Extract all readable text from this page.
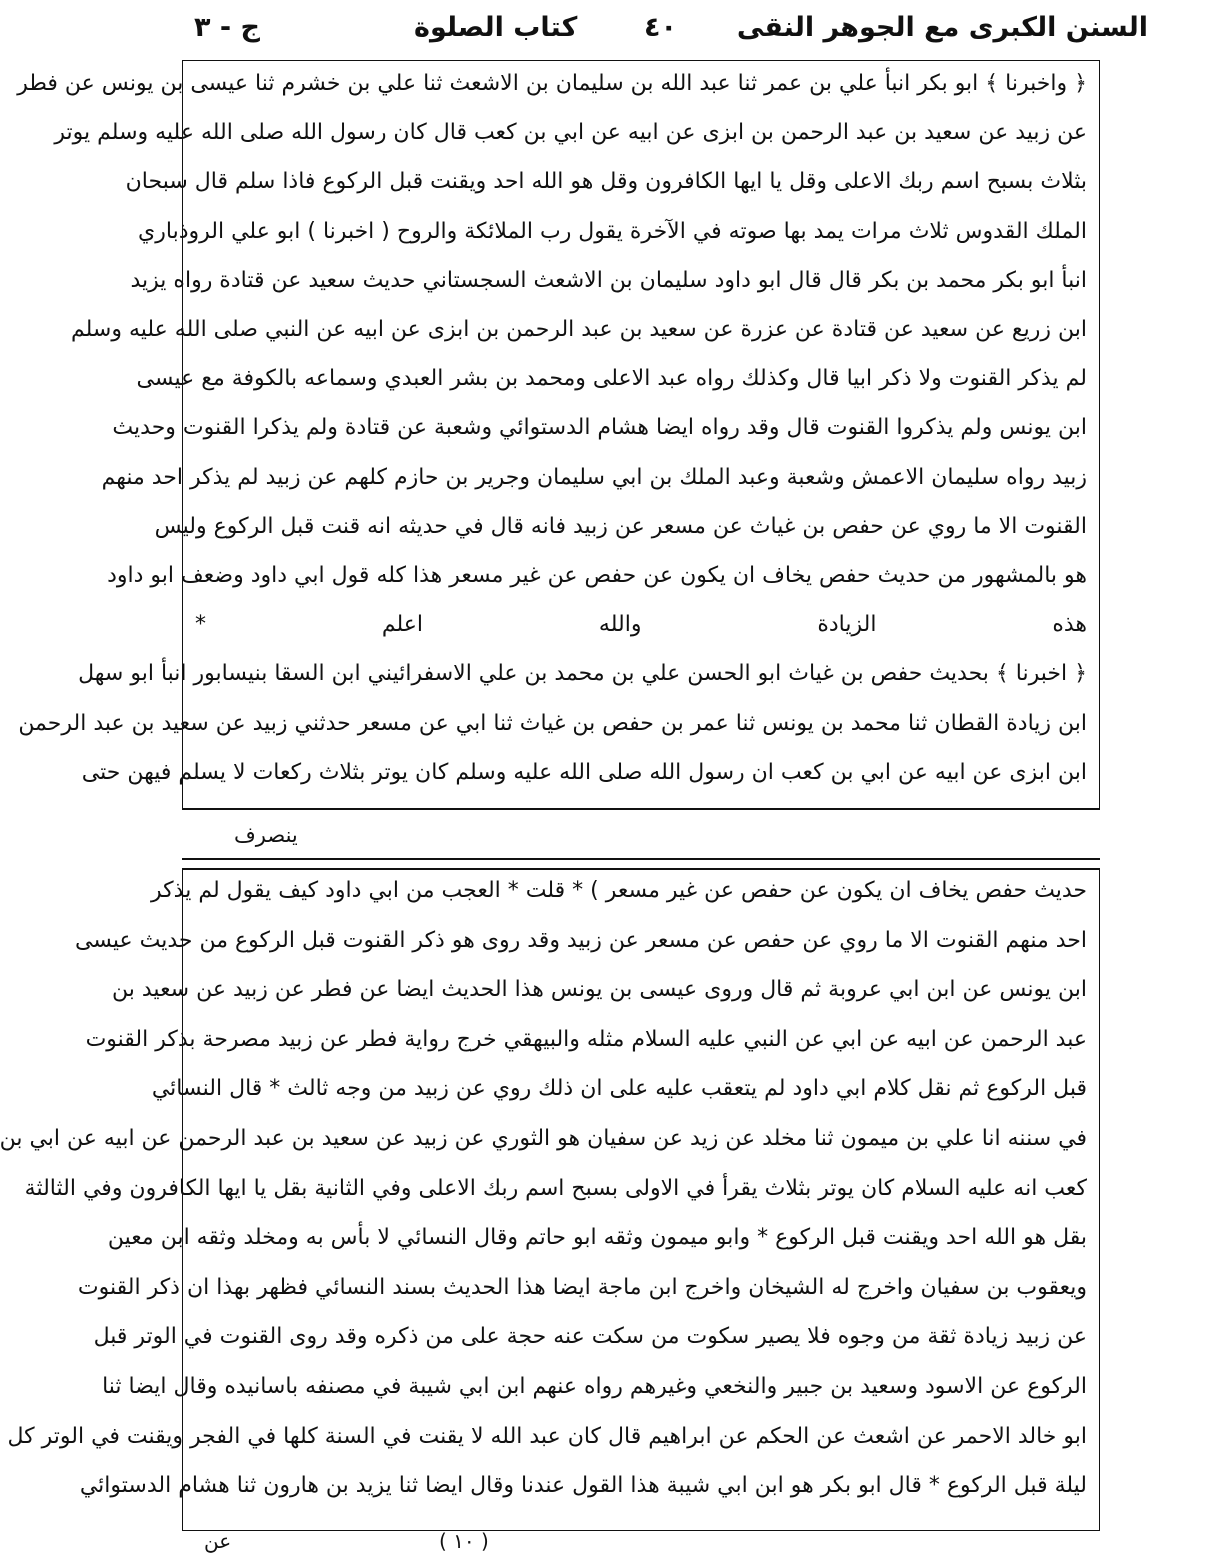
السنن الكبرى مع الجوهر النقى
٤٠
كتاب الصلوة
ج - ٣
﴿ واخبرنا ﴾ ابو بكر انبأ علي بن عمر ثنا عبد الله بن سليمان بن الاشعث ثنا علي بن خشرم ثنا عيسى بن يونس عن فطر
عن زبيد عن سعيد بن عبد الرحمن بن ابزى عن ابيه عن ابي بن كعب قال كان رسول الله صلى الله عليه وسلم يوتر
بثلاث بسبح اسم ربك الاعلى وقل يا ايها الكافرون وقل هو الله احد ويقنت قبل الركوع فاذا سلم قال سبحان
الملك القدوس ثلاث مرات يمد بها صوته في الآخرة يقول رب الملائكة والروح ( اخبرنا ) ابو علي الروذباري
انبأ ابو بكر محمد بن بكر قال قال ابو داود سليمان بن الاشعث السجستاني حديث سعيد عن قتادة رواه يزيد
ابن زريع عن سعيد عن قتادة عن عزرة عن سعيد بن عبد الرحمن بن ابزى عن ابيه عن النبي صلى الله عليه وسلم
لم يذكر القنوت ولا ذكر ابيا قال وكذلك رواه عبد الاعلى ومحمد بن بشر العبدي وسماعه بالكوفة مع عيسى
ابن يونس ولم يذكروا القنوت قال وقد رواه ايضا هشام الدستوائي وشعبة عن قتادة ولم يذكرا القنوت وحديث
زبيد رواه سليمان الاعمش وشعبة وعبد الملك بن ابي سليمان وجرير بن حازم كلهم عن زبيد لم يذكر احد منهم
القنوت الا ما روي عن حفص بن غياث عن مسعر عن زبيد فانه قال في حديثه انه قنت قبل الركوع وليس
هو بالمشهور من حديث حفص يخاف ان يكون عن حفص عن غير مسعر هذا كله قول ابي داود وضعف ابو داود
هذه الزيادة والله اعلم *
﴿ اخبرنا ﴾ بحديث حفص بن غياث ابو الحسن علي بن محمد بن علي الاسفرائيني ابن السقا بنيسابور انبأ ابو سهل
ابن زيادة القطان ثنا محمد بن يونس ثنا عمر بن حفص بن غياث ثنا ابي عن مسعر حدثني زبيد عن سعيد بن عبد الرحمن
ابن ابزى عن ابيه عن ابي بن كعب ان رسول الله صلى الله عليه وسلم كان يوتر بثلاث ركعات لا يسلم فيهن حتى
ينصرف
حديث حفص يخاف ان يكون عن حفص عن غير مسعر ) * قلت * العجب من ابي داود كيف يقول لم يذكر
احد منهم القنوت الا ما روي عن حفص عن مسعر عن زبيد وقد روى هو ذكر القنوت قبل الركوع من حديث عيسى
ابن يونس عن ابن ابي عروبة ثم قال وروى عيسى بن يونس هذا الحديث ايضا عن فطر عن زبيد عن سعيد بن
عبد الرحمن عن ابيه عن ابي عن النبي عليه السلام مثله والبيهقي خرج رواية فطر عن زبيد مصرحة بذكر القنوت
قبل الركوع ثم نقل كلام ابي داود لم يتعقب عليه على ان ذلك روي عن زبيد من وجه ثالث * قال النسائي
في سننه انا علي بن ميمون ثنا مخلد عن زيد عن سفيان هو الثوري عن زبيد عن سعيد بن عبد الرحمن عن ابيه عن ابي بن
كعب انه عليه السلام كان يوتر بثلاث يقرأ في الاولى بسبح اسم ربك الاعلى وفي الثانية بقل يا ايها الكافرون وفي الثالثة
بقل هو الله احد ويقنت قبل الركوع * وابو ميمون وثقه ابو حاتم وقال النسائي لا بأس به ومخلد وثقه ابن معين
ويعقوب بن سفيان واخرج له الشيخان واخرج ابن ماجة ايضا هذا الحديث بسند النسائي فظهر بهذا ان ذكر القنوت
عن زبيد زيادة ثقة من وجوه فلا يصير سكوت من سكت عنه حجة على من ذكره وقد روى القنوت في الوتر قبل
الركوع عن الاسود وسعيد بن جبير والنخعي وغيرهم رواه عنهم ابن ابي شيبة في مصنفه باسانيده وقال ايضا ثنا
ابو خالد الاحمر عن اشعث عن الحكم عن ابراهيم قال كان عبد الله لا يقنت في السنة كلها في الفجر ويقنت في الوتر كل
ليلة قبل الركوع * قال ابو بكر هو ابن ابي شيبة هذا القول عندنا وقال ايضا ثنا يزيد بن هارون ثنا هشام الدستوائي
عن	( ١٠ )
